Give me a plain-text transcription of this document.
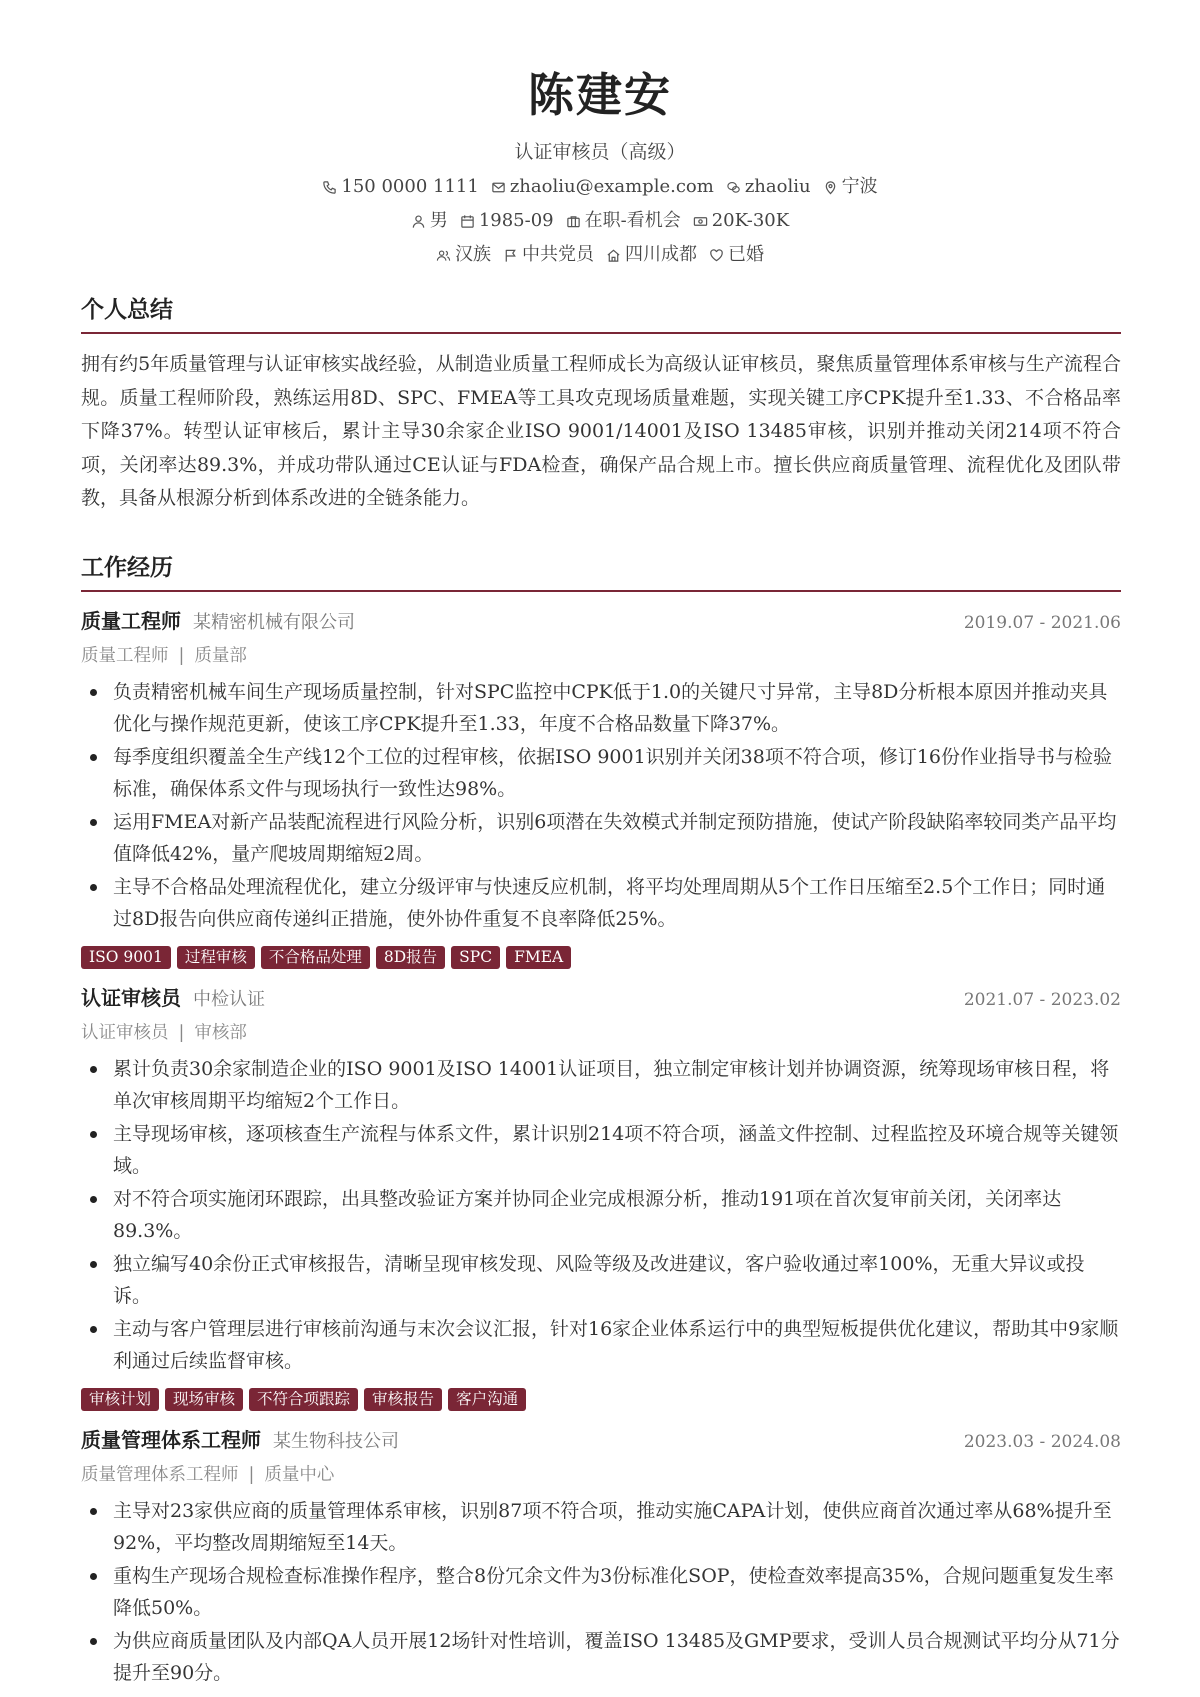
陈建安
认证审核员（高级）
150 0000 1111 zhaoliu@example.com zhaoliu 宁波
男 1985-09 在职-看机会 20K-30K
汉族 中共党员 四川成都 已婚
个人总结
拥有约5年质量管理与认证审核实战经验，从制造业质量工程师成长为高级认证审核员，聚焦质量管理体系审核与生产流程合规。质量工程师阶段，熟练运用8D、SPC、FMEA等工具攻克现场质量难题，实现关键工序CPK提升至1.33、不合格品率下降37%。转型认证审核后，累计主导30余家企业ISO 9001/14001及ISO 13485审核，识别并推动关闭214项不符合项，关闭率达89.3%，并成功带队通过CE认证与FDA检查，确保产品合规上市。擅长供应商质量管理、流程优化及团队带教，具备从根源分析到体系改进的全链条能力。
工作经历
质量工程师 某精密机械有限公司	2019.07 - 2021.06
质量工程师 | 质量部
负责精密机械车间生产现场质量控制，针对SPC监控中CPK低于1.0的关键尺寸异常，主导8D分析根本原因并推动夹具优化与操作规范更新，使该工序CPK提升至1.33，年度不合格品数量下降37%。
每季度组织覆盖全生产线12个工位的过程审核，依据ISO 9001识别并关闭38项不符合项，修订16份作业指导书与检验标准，确保体系文件与现场执行一致性达98%。
运用FMEA对新产品装配流程进行风险分析，识别6项潜在失效模式并制定预防措施，使试产阶段缺陷率较同类产品平均值降低42%，量产爬坡周期缩短2周。
主导不合格品处理流程优化，建立分级评审与快速反应机制，将平均处理周期从5个工作日压缩至2.5个工作日；同时通过8D报告向供应商传递纠正措施，使外协件重复不良率降低25%。
ISO 9001	过程审核	不合格品处理	8D报告	SPC	FMEA
认证审核员 中检认证	2021.07 - 2023.02
认证审核员 | 审核部
累计负责30余家制造企业的ISO 9001及ISO 14001认证项目，独立制定审核计划并协调资源，统筹现场审核日程，将单次审核周期平均缩短2个工作日。
主导现场审核，逐项核查生产流程与体系文件，累计识别214项不符合项，涵盖文件控制、过程监控及环境合规等关键领域。
对不符合项实施闭环跟踪，出具整改验证方案并协同企业完成根源分析，推动191项在首次复审前关闭，关闭率达89.3%。
独立编写40余份正式审核报告，清晰呈现审核发现、风险等级及改进建议，客户验收通过率100%，无重大异议或投诉。
主动与客户管理层进行审核前沟通与末次会议汇报，针对16家企业体系运行中的典型短板提供优化建议，帮助其中9家顺利通过后续监督审核。
审核计划	现场审核	不符合项跟踪	审核报告	客户沟通
质量管理体系工程师 某生物科技公司	2023.03 - 2024.08
质量管理体系工程师 | 质量中心
主导对23家供应商的质量管理体系审核，识别87项不符合项，推动实施CAPA计划，使供应商首次通过率从68%提升至92%，平均整改周期缩短至14天。
重构生产现场合规检查标准操作程序，整合8份冗余文件为3份标准化SOP，使检查效率提高35%，合规问题重复发生率降低50%。
为供应商质量团队及内部QA人员开展12场针对性培训，覆盖ISO 13485及GMP要求，受训人员合规测试平均分从71分提升至90分。
